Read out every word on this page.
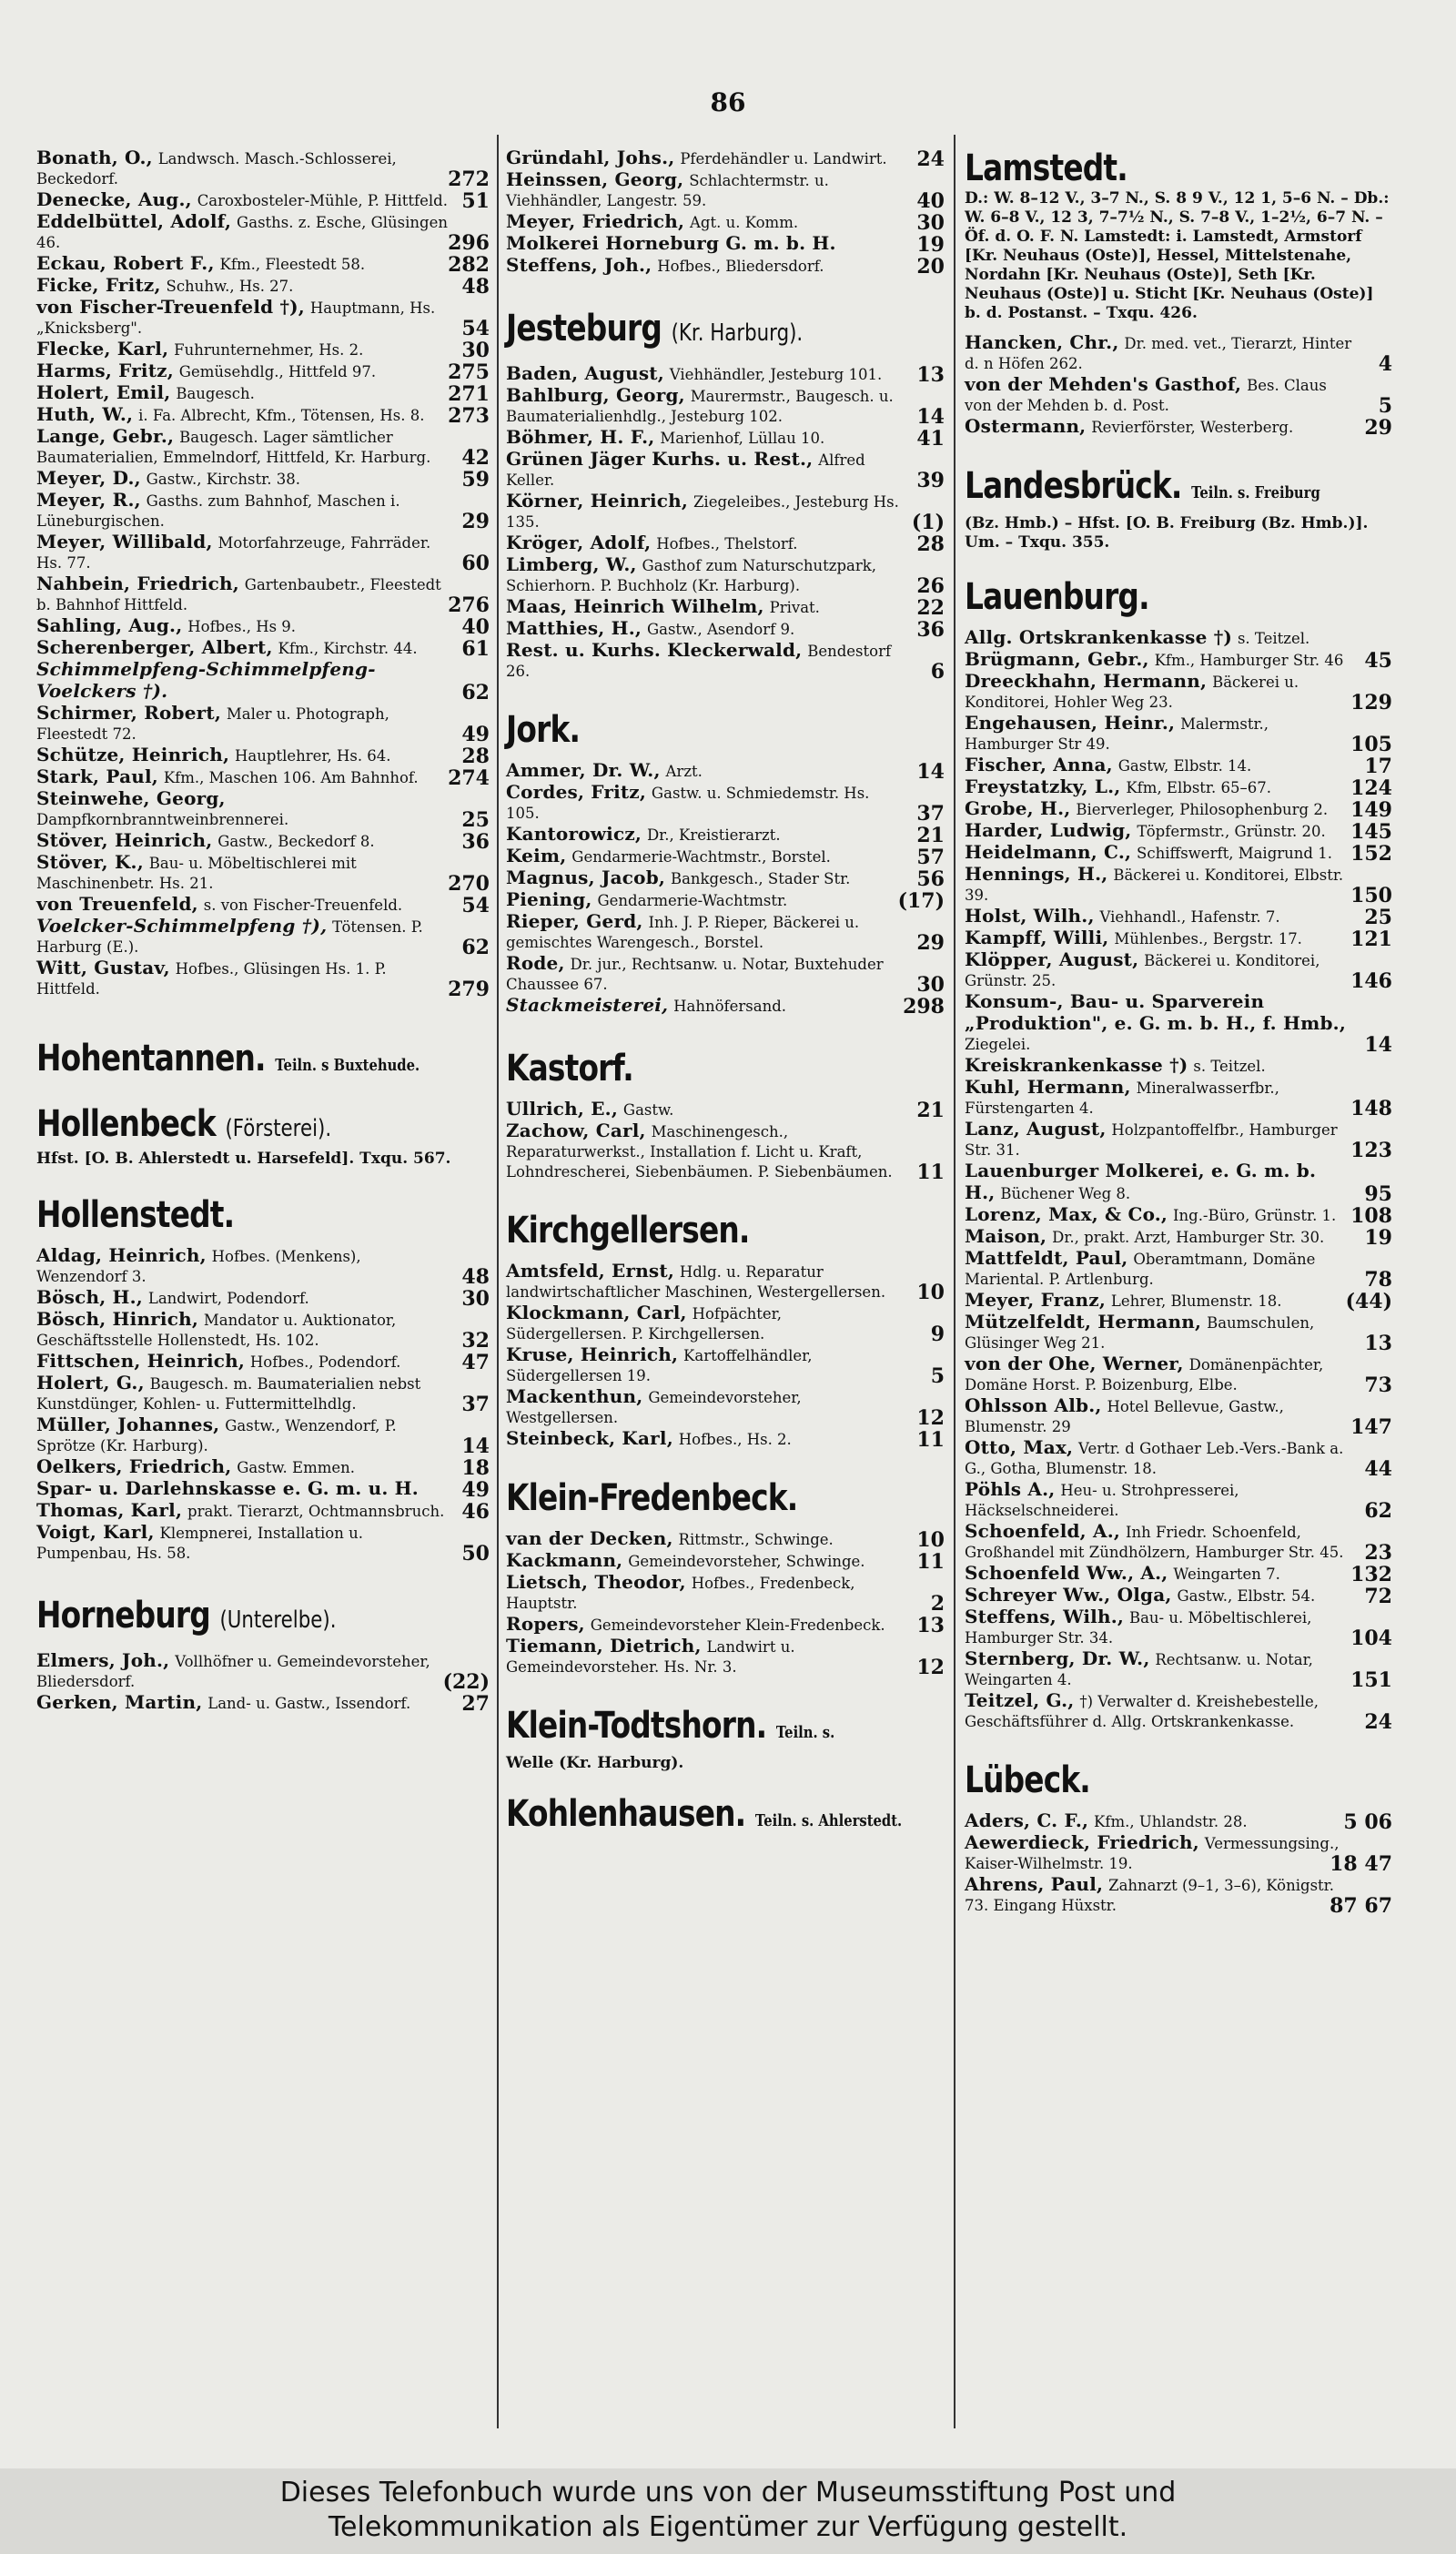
86
Bonath, O., Landwsch. Masch.-Schlosserei, Beckedorf.	272
Denecke, Aug., Caroxbosteler-Mühle, P. Hittfeld. 51
Eddelbüttel, Adolf, Gasths. z. Esche, Glüsingen 46.	296
Eckau, Robert F., Kfm., Fleestedt 58.	282
Ficke, Fritz, Schuhw., Hs. 27.	48
von Fischer-Treuenfeld †), Hauptmann, Hs. „Knicksberg".	54
Flecke, Karl, Fuhrunternehmer, Hs. 2.	30
Harms, Fritz, Gemüsehdlg., Hittfeld 97.	275
Holert, Emil, Baugesch.	271
Huth, W., i. Fa. Albrecht, Kfm., Tötensen, Hs. 8. 273
Lange, Gebr., Baugesch. Lager sämtlicher Baumaterialien, Emmelndorf, Hittfeld, Kr. Harburg. 42
Meyer, D., Gastw., Kirchstr. 38.	59
Meyer, R., Gasths. zum Bahnhof, Maschen i. Lüneburgischen.	29
Meyer, Willibald, Motorfahrzeuge, Fahrräder. Hs. 77.	60
Nahbein, Friedrich, Gartenbaubetr., Fleestedt b. Bahnhof Hittfeld.	276
Sahling, Aug., Hofbes., Hs 9.	40
Scherenberger, Albert, Kfm., Kirchstr. 44. 61
Schimmelpfeng-Schimmelpfeng-Voelckers †).	62
Schirmer, Robert, Maler u. Photograph, Fleestedt 72.	49
Schütze, Heinrich, Hauptlehrer, Hs. 64.	28
Stark, Paul, Kfm., Maschen 106. Am Bahnhof. 274
Steinwehe, Georg, Dampfkornbranntweinbrennerei.	25
Stöver, Heinrich, Gastw., Beckedorf 8.	36
Stöver, K., Bau- u. Möbeltischlerei mit Maschinenbetr. Hs. 21.	270
von Treuenfeld, s. von Fischer-Treuenfeld.	54
Voelcker-Schimmelpfeng †), Tötensen. P. Harburg (E.).	62
Witt, Gustav, Hofbes., Glüsingen Hs. 1. P. Hittfeld.	279
Hohentannen. Teiln. s Buxtehude.
Hollenbeck (Försterei).
Hfst. [O. B. Ahlerstedt u. Harsefeld]. Txqu. 567.
Hollenstedt.
Aldag, Heinrich, Hofbes. (Menkens), Wenzendorf 3.	48
Bösch, H., Landwirt, Podendorf.	30
Bösch, Hinrich, Mandator u. Auktionator, Geschäftsstelle Hollenstedt, Hs. 102.	32
Fittschen, Heinrich, Hofbes., Podendorf.	47
Holert, G., Baugesch. m. Baumaterialien nebst Kunstdünger, Kohlen- u. Futtermittelhdlg.	37
Müller, Johannes, Gastw., Wenzendorf, P. Sprötze (Kr. Harburg).	14
Oelkers, Friedrich, Gastw. Emmen.	18
Spar- u. Darlehnskasse e. G. m. u. H. 49
Thomas, Karl, prakt. Tierarzt, Ochtmannsbruch. 46
Voigt, Karl, Klempnerei, Installation u. Pumpenbau, Hs. 58.	50
Horneburg (Unterelbe).
Elmers, Joh., Vollhöfner u. Gemeindevorsteher, Bliedersdorf.	(22)
Gerken, Martin, Land- u. Gastw., Issendorf.	27
Gründahl, Johs., Pferdehändler u. Landwirt. 24
Heinssen, Georg, Schlachtermstr. u. Viehhändler, Langestr. 59.	40
Meyer, Friedrich, Agt. u. Komm.	30
Molkerei Horneburg G. m. b. H.	19
Steffens, Joh., Hofbes., Bliedersdorf.	20
Jesteburg (Kr. Harburg).
Baden, August, Viehhändler, Jesteburg 101. 13
Bahlburg, Georg, Maurermstr., Baugesch. u. Baumaterialienhdlg., Jesteburg 102.	14
Böhmer, H. F., Marienhof, Lüllau 10.	41
Grünen Jäger Kurhs. u. Rest., Alfred Keller.	39
Körner, Heinrich, Ziegeleibes., Jesteburg Hs. 135.	(1)
Kröger, Adolf, Hofbes., Thelstorf.	28
Limberg, W., Gasthof zum Naturschutzpark, Schierhorn. P. Buchholz (Kr. Harburg).	26
Maas, Heinrich Wilhelm, Privat.	22
Matthies, H., Gastw., Asendorf 9.	36
Rest. u. Kurhs. Kleckerwald, Bendestorf 26.	6
Jork.
Ammer, Dr. W., Arzt.	14
Cordes, Fritz, Gastw. u. Schmiedemstr. Hs. 105.	37
Kantorowicz, Dr., Kreistierarzt.	21
Keim, Gendarmerie-Wachtmstr., Borstel.	57
Magnus, Jacob, Bankgesch., Stader Str.	56
Piening, Gendarmerie-Wachtmstr.	(17)
Rieper, Gerd, Inh. J. P. Rieper, Bäckerei u. gemischtes Warengesch., Borstel.	29
Rode, Dr. jur., Rechtsanw. u. Notar, Buxtehuder Chaussee 67.	30
Stackmeisterei, Hahnöfersand.	298
Kastorf.
Ullrich, E., Gastw.	21
Zachow, Carl, Maschinengesch., Reparaturwerkst., Installation f. Licht u. Kraft, Lohndrescherei, Siebenbäumen. P. Siebenbäumen. 11
Kirchgellersen.
Amtsfeld, Ernst, Hdlg. u. Reparatur landwirtschaftlicher Maschinen, Westergellersen. 10
Klockmann, Carl, Hofpächter, Südergellersen. P. Kirchgellersen.	9
Kruse, Heinrich, Kartoffelhändler, Südergellersen 19.	5
Mackenthun, Gemeindevorsteher, Westgellersen.	12
Steinbeck, Karl, Hofbes., Hs. 2.	11
Klein-Fredenbeck.
van der Decken, Rittmstr., Schwinge.	10
Kackmann, Gemeindevorsteher, Schwinge.	11
Lietsch, Theodor, Hofbes., Fredenbeck, Hauptstr.	2
Ropers, Gemeindevorsteher Klein-Fredenbeck. 13
Tiemann, Dietrich, Landwirt u. Gemeindevorsteher. Hs. Nr. 3.	12
Klein-Todtshorn. Teiln. s.
Welle (Kr. Harburg).
Kohlenhausen. Teiln. s. Ahlerstedt.
Lamstedt.
D.: W. 8–12 V., 3–7 N., S. 8 9 V., 12 1, 5–6 N. – Db.: W. 6–8 V., 12 3, 7–7½ N., S. 7–8 V., 1–2½, 6–7 N. – Öf. d. O. F. N. Lamstedt: i. Lamstedt, Armstorf [Kr. Neuhaus (Oste)], Hessel, Mittelstenahe, Nordahn [Kr. Neuhaus (Oste)], Seth [Kr. Neuhaus (Oste)] u. Sticht [Kr. Neuhaus (Oste)] b. d. Postanst. – Txqu. 426.
Hancken, Chr., Dr. med. vet., Tierarzt, Hinter d. n Höfen 262.	4
von der Mehden's Gasthof, Bes. Claus von der Mehden b. d. Post.	5
Ostermann, Revierförster, Westerberg.	29
Landesbrück. Teiln. s. Freiburg
(Bz. Hmb.) – Hfst. [O. B. Freiburg (Bz. Hmb.)]. Um. – Txqu. 355.
Lauenburg.
Allg. Ortskrankenkasse †) s. Teitzel.
Brügmann, Gebr., Kfm., Hamburger Str. 46 45
Dreeckhahn, Hermann, Bäckerei u. Konditorei, Hohler Weg 23.	129
Engehausen, Heinr., Malermstr., Hamburger Str 49.	105
Fischer, Anna, Gastw, Elbstr. 14.	17
Freystatzky, L., Kfm, Elbstr. 65–67.	124
Grobe, H., Bierverleger, Philosophenburg 2. 149
Harder, Ludwig, Töpfermstr., Grünstr. 20. 145
Heidelmann, C., Schiffswerft, Maigrund 1. 152
Hennings, H., Bäckerei u. Konditorei, Elbstr. 39.	150
Holst, Wilh., Viehhandl., Hafenstr. 7.	25
Kampff, Willi, Mühlenbes., Bergstr. 17. 121
Klöpper, August, Bäckerei u. Konditorei, Grünstr. 25.	146
Konsum-, Bau- u. Sparverein „Produktion", e. G. m. b. H., f. Hmb., Ziegelei.	14
Kreiskrankenkasse †) s. Teitzel.
Kuhl, Hermann, Mineralwasserfbr., Fürstengarten 4.	148
Lanz, August, Holzpantoffelfbr., Hamburger Str. 31.	123
Lauenburger Molkerei, e. G. m. b. H., Büchener Weg 8.	95
Lorenz, Max, & Co., Ing.-Büro, Grünstr. 1. 108
Maison, Dr., prakt. Arzt, Hamburger Str. 30. 19
Mattfeldt, Paul, Oberamtmann, Domäne Mariental. P. Artlenburg.	78
Meyer, Franz, Lehrer, Blumenstr. 18.	(44)
Mützelfeldt, Hermann, Baumschulen, Glüsinger Weg 21.	13
von der Ohe, Werner, Domänenpächter, Domäne Horst. P. Boizenburg, Elbe.	73
Ohlsson Alb., Hotel Bellevue, Gastw., Blumenstr. 29	147
Otto, Max, Vertr. d Gothaer Leb.-Vers.-Bank a. G., Gotha, Blumenstr. 18.	44
Pöhls A., Heu- u. Strohpresserei, Häckselschneiderei.	62
Schoenfeld, A., Inh Friedr. Schoenfeld, Großhandel mit Zündhölzern, Hamburger Str. 45. 23
Schoenfeld Ww., A., Weingarten 7.	132
Schreyer Ww., Olga, Gastw., Elbstr. 54. 72
Steffens, Wilh., Bau- u. Möbeltischlerei, Hamburger Str. 34.	104
Sternberg, Dr. W., Rechtsanw. u. Notar, Weingarten 4.	151
Teitzel, G., †) Verwalter d. Kreishebestelle, Geschäftsführer d. Allg. Ortskrankenkasse.	24
Lübeck.
Aders, C. F., Kfm., Uhlandstr. 28.	5 06
Aewerdieck, Friedrich, Vermessungsing., Kaiser-Wilhelmstr. 19.	18 47
Ahrens, Paul, Zahnarzt (9–1, 3–6), Königstr. 73. Eingang Hüxstr.	87 67
Dieses Telefonbuch wurde uns von der Museumsstiftung Post und
Telekommunikation als Eigentümer zur Verfügung gestellt.
